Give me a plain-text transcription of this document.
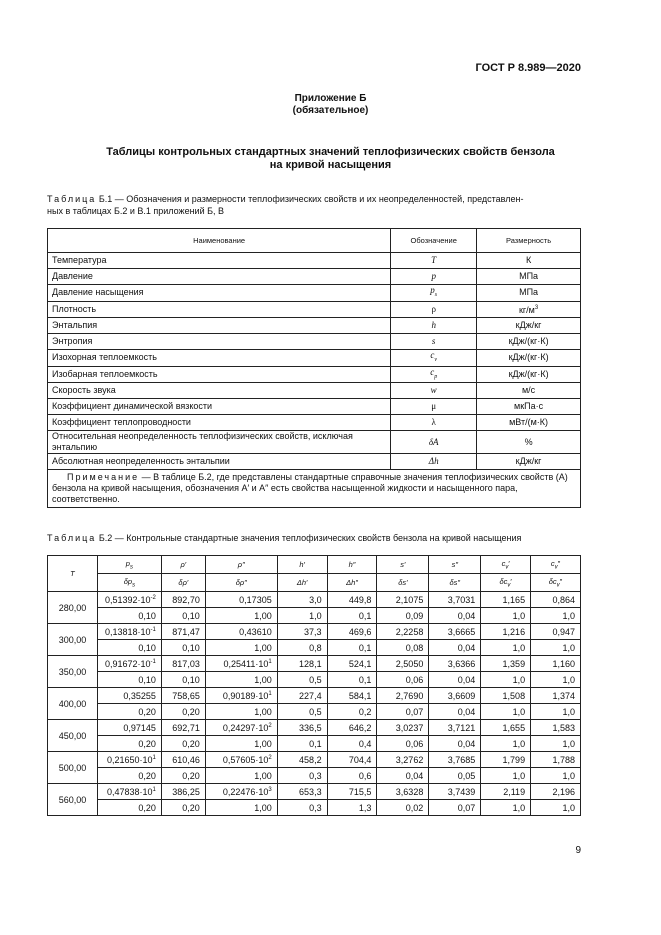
ГОСТ Р 8.989—2020
Приложение Б
(обязательное)
Таблицы контрольных стандартных значений теплофизических свойств бензола
на кривой насыщения
Таблица Б.1 — Обозначения и размерности теплофизических свойств и их неопределенностей, представлен-
ных в таблицах Б.2 и В.1 приложений Б, В
Наименование	Обозначение	Размерность
Температура	T	К
Давление	p	МПа
Давление насыщения	$p_s$	МПа
Плотность	ρ	$кг/м^3$
Энтальпия	h	кДж/кг
Энтропия	s	кДж/(кг·К)
Изохорная теплоемкость	$c_v$	кДж/(кг·К)
Изобарная теплоемкость	$c_p$	кДж/(кг·К)
Скорость звука	w	м/с
Коэффициент динамической вязкости	μ	мкПа·с
Коэффициент теплопроводности	λ	мВт/(м·К)
Относительная неопределенность теплофизических свойств, исключая энтальпию	δA	%
Абсолютная неопределенность энтальпии	Δh	кДж/кг
Примечание — В таблице Б.2, где представлены стандартные справочные значения теплофизических свойств (A) бензола на кривой насыщения, обозначения A′ и A″ есть свойства насыщенной жидкости и насыщенного пара, соответственно.		
Таблица Б.2 — Контрольные стандартные значения теплофизических свойств бензола на кривой насыщения
T	$p_s$	ρ′	ρ″	h′	h″	s′	s″	$c_v'$	$c_v''$
	$\delta p_s$	δρ′	δρ″	Δh′	Δh″	δs′	δs″	$\delta c_v'$	$\delta c_v''$
280,00	$0,51392\cdot 10^{-2}$	892,70	0,17305	3,0	449,8	2,1075	3,7031	1,165	0,864
	0,10	0,10	1,00	1,0	0,1	0,09	0,04	1,0	1,0
300,00	$0,13818\cdot 10^{-1}$	871,47	0,43610	37,3	469,6	2,2258	3,6665	1,216	0,947
	0,10	0,10	1,00	0,8	0,1	0,08	0,04	1,0	1,0
350,00	$0,91672\cdot 10^{-1}$	817,03	$0,25411\cdot 10^1$	128,1	524,1	2,5050	3,6366	1,359	1,160
	0,10	0,10	1,00	0,5	0,1	0,06	0,04	1,0	1,0
400,00	0,35255	758,65	$0,90189\cdot 10^1$	227,4	584,1	2,7690	3,6609	1,508	1,374
	0,20	0,20	1,00	0,5	0,2	0,07	0,04	1,0	1,0
450,00	0,97145	692,71	$0,24297\cdot 10^2$	336,5	646,2	3,0237	3,7121	1,655	1,583
	0,20	0,20	1,00	0,1	0,4	0,06	0,04	1,0	1,0
500,00	$0,21650\cdot 10^1$	610,46	$0,57605\cdot 10^2$	458,2	704,4	3,2762	3,7685	1,799	1,788
	0,20	0,20	1,00	0,3	0,6	0,04	0,05	1,0	1,0
560,00	$0,47838\cdot 10^1$	386,25	$0,22476\cdot 10^3$	653,3	715,5	3,6328	3,7439	2,119	2,196
	0,20	0,20	1,00	0,3	1,3	0,02	0,07	1,0	1,0
9
